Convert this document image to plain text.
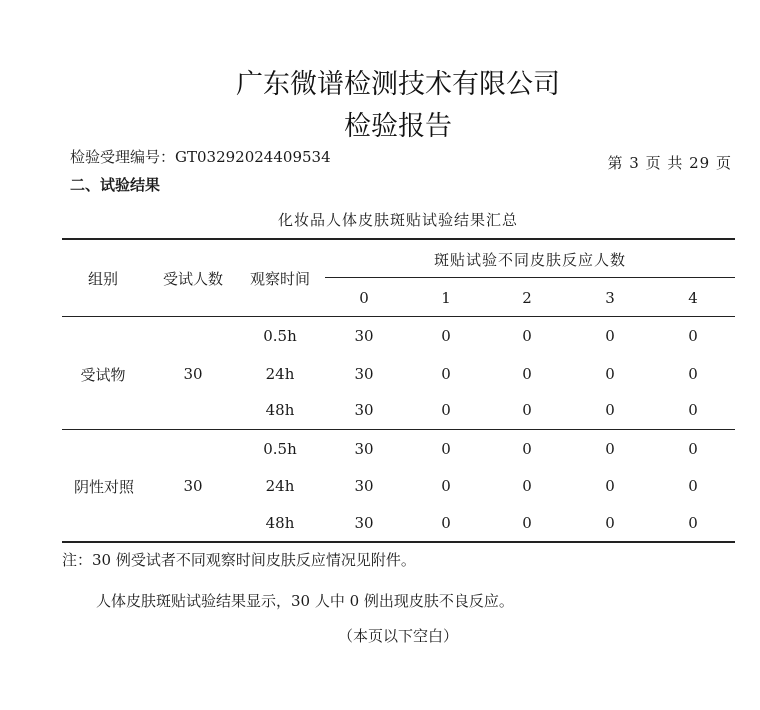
广东微谱检测技术有限公司
检验报告
检验受理编号：GT03292024409534	第 3 页 共 29 页
二、试验结果
化妆品人体皮肤斑贴试验结果汇总
组别	受试人数	观察时间
斑贴试验不同皮肤反应人数
0	1	2	3	4
受试物	30
0.5h	30	0	0	0	0
24h	30	0	0	0	0
48h	30	0	0	0	0
阴性对照	30
0.5h	30	0	0	0	0
24h	30	0	0	0	0
48h	30	0	0	0	0
注：30 例受试者不同观察时间皮肤反应情况见附件。
人体皮肤斑贴试验结果显示，30 人中 0 例出现皮肤不良反应。
（本页以下空白）
